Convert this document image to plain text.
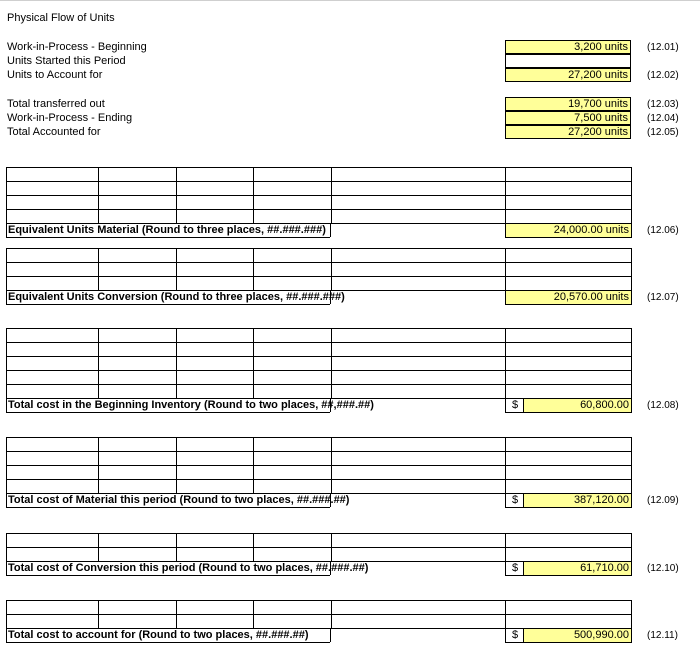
Physical Flow of Units
Work-in-Process - Beginning
Units Started this Period
Units to Account for
Total transferred out
Work-in-Process - Ending
Total Accounted for
3,200 units
27,200 units
19,700 units
7,500 units
27,200 units
(12.01)
(12.02)
(12.03)
(12.04)
(12.05)
Equivalent Units Material (Round to three places, ##.###.###)
Equivalent Units Conversion (Round to three places, ##.###.###)
Total cost in the Beginning Inventory (Round to two places, ##,###.##)
Total cost of Material this period (Round to two places, ##.###.##)
Total cost of Conversion this period (Round to two places, ##.###.##)
Total cost to account for (Round to two places, ##.###.##)
$
$
$
$
24,000.00 units
20,570.00 units
60,800.00
387,120.00
61,710.00
500,990.00
(12.06)
(12.07)
(12.08)
(12.09)
(12.10)
(12.11)
